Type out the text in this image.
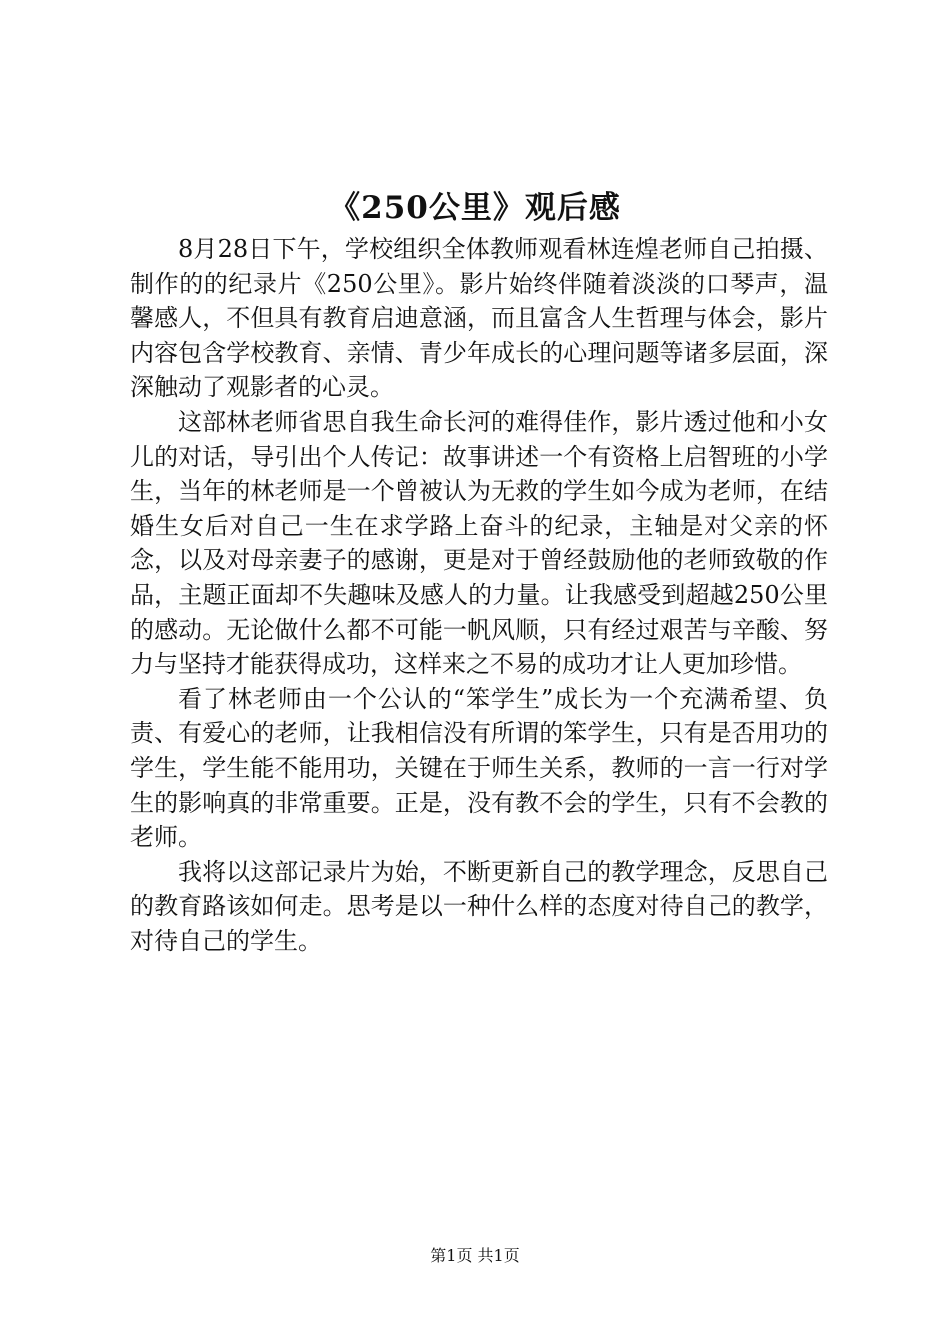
《250公里》观后感

8月28日下午，学校组织全体教师观看林连煌老师自己拍摄、制作的的纪录片《250公里》。影片始终伴随着淡淡的口琴声，温馨感人，不但具有教育启迪意涵，而且富含人生哲理与体会，影片内容包含学校教育、亲情、青少年成长的心理问题等诸多层面，深深触动了观影者的心灵。

这部林老师省思自我生命长河的难得佳作，影片透过他和小女儿的对话，导引出个人传记：故事讲述一个有资格上启智班的小学生，当年的林老师是一个曾被认为无救的学生如今成为老师，在结婚生女后对自己一生在求学路上奋斗的纪录，主轴是对父亲的怀念，以及对母亲妻子的感谢，更是对于曾经鼓励他的老师致敬的作品，主题正面却不失趣味及感人的力量。让我感受到超越250公里的感动。无论做什么都不可能一帆风顺，只有经过艰苦与辛酸、努力与坚持才能获得成功，这样来之不易的成功才让人更加珍惜。

看了林老师由一个公认的“笨学生”成长为一个充满希望、负责、有爱心的老师，让我相信没有所谓的笨学生，只有是否用功的学生，学生能不能用功，关键在于师生关系，教师的一言一行对学生的影响真的非常重要。正是，没有教不会的学生，只有不会教的老师。

我将以这部记录片为始，不断更新自己的教学理念，反思自己的教育路该如何走。思考是以一种什么样的态度对待自己的教学，对待自己的学生。

第1页 共1页
